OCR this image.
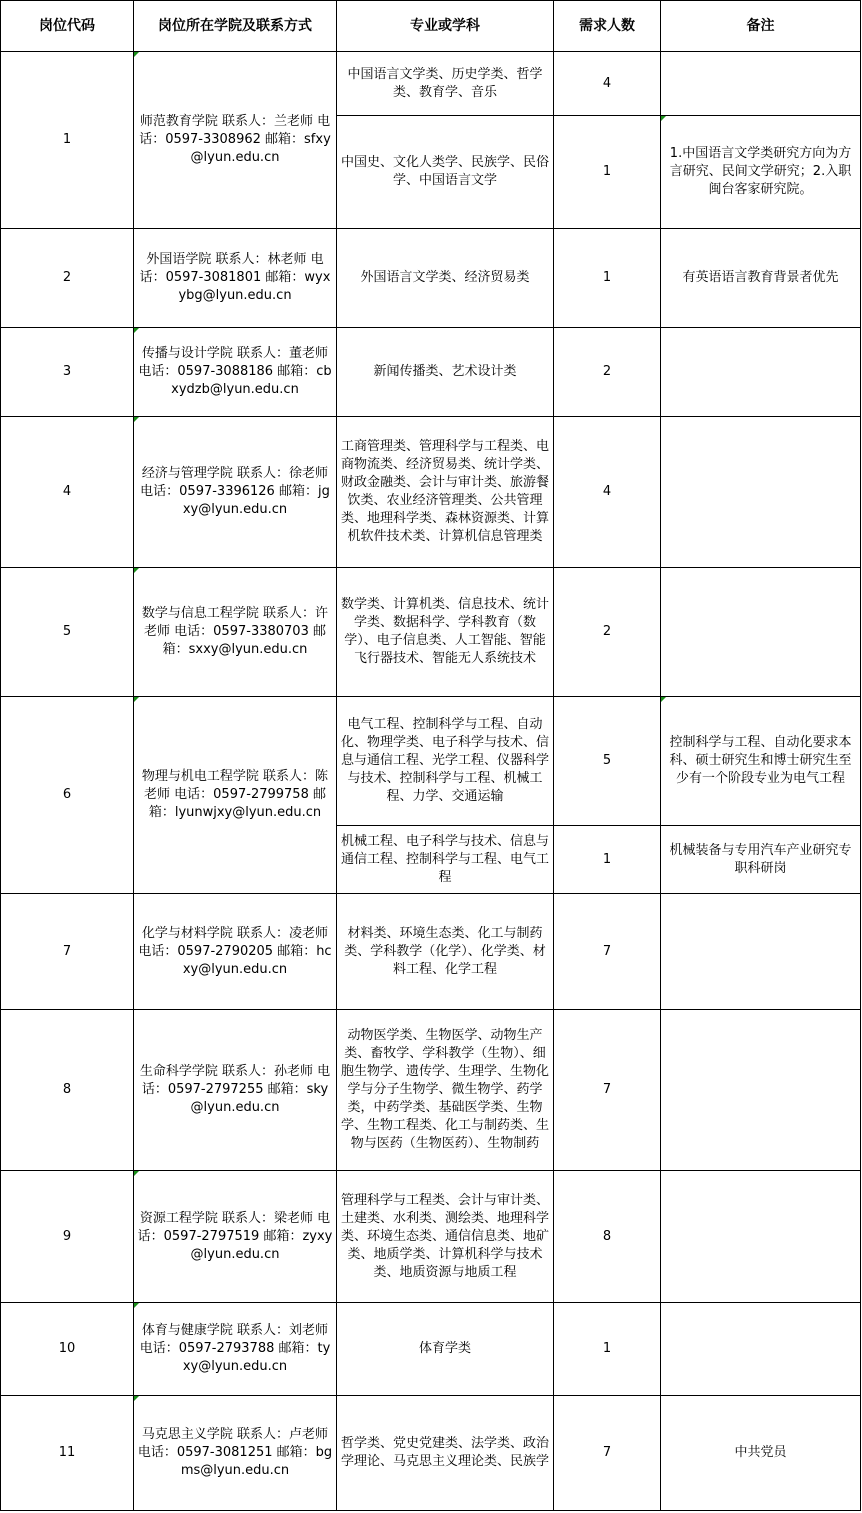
岗位代码	岗位所在学院及联系方式	专业或学科	需求人数	备注
1	师范教育学院 联系人：兰老师 电话：0597-3308962 邮箱：sfxy@lyun.edu.cn	中国语言文学类、历史学类、哲学类、教育学、音乐	4	
		中国史、文化人类学、民族学、民俗学、中国语言文学	1	1.中国语言文学类研究方向为方言研究、民间文学研究；2.入职闽台客家研究院。
2	外国语学院 联系人：林老师 电话：0597-3081801 邮箱：wyxybg@lyun.edu.cn	外国语言文学类、经济贸易类	1	有英语语言教育背景者优先
3	传播与设计学院 联系人：董老师 电话：0597-3088186 邮箱：cbxydzb@lyun.edu.cn	新闻传播类、艺术设计类	2	
4	经济与管理学院 联系人：徐老师 电话：0597-3396126 邮箱：jgxy@lyun.edu.cn	工商管理类、管理科学与工程类、电商物流类、经济贸易类、统计学类、财政金融类、会计与审计类、旅游餐饮类、农业经济管理类、公共管理类、地理科学类、森林资源类、计算机软件技术类、计算机信息管理类	4	
5	数学与信息工程学院 联系人：许老师 电话：0597-3380703 邮箱：sxxy@lyun.edu.cn	数学类、计算机类、信息技术、统计学类、数据科学、学科教育（数学）、电子信息类、人工智能、智能飞行器技术、智能无人系统技术	2	
6	物理与机电工程学院 联系人：陈老师 电话：0597-2799758 邮箱：lyunwjxy@lyun.edu.cn	电气工程、控制科学与工程、自动化、物理学类、电子科学与技术、信息与通信工程、光学工程、仪器科学与技术、控制科学与工程、机械工程、力学、交通运输	5	控制科学与工程、自动化要求本科、硕士研究生和博士研究生至少有一个阶段专业为电气工程
		机械工程、电子科学与技术、信息与通信工程、控制科学与工程、电气工程	1	机械装备与专用汽车产业研究专职科研岗
7	化学与材料学院 联系人：凌老师 电话：0597-2790205 邮箱：hcxy@lyun.edu.cn	材料类、环境生态类、化工与制药类、学科教学（化学）、化学类、材料工程、化学工程	7	
8	生命科学学院 联系人：孙老师 电话：0597-2797255 邮箱：sky@lyun.edu.cn	动物医学类、生物医学、动物生产类、畜牧学、学科教学（生物）、细胞生物学、遗传学、生理学、生物化学与分子生物学、微生物学、药学类，中药学类、基础医学类、生物学、生物工程类、化工与制药类、生物与医药（生物医药）、生物制药	7	
9	资源工程学院 联系人：梁老师 电话：0597-2797519 邮箱：zyxy@lyun.edu.cn	管理科学与工程类、会计与审计类、土建类、水利类、测绘类、地理科学类、环境生态类、通信信息类、地矿类、地质学类、计算机科学与技术类、地质资源与地质工程	8	
10	体育与健康学院 联系人：刘老师 电话：0597-2793788 邮箱：tyxy@lyun.edu.cn	体育学类	1	
11	马克思主义学院 联系人：卢老师 电话：0597-3081251 邮箱：bgms@lyun.edu.cn	哲学类、党史党建类、法学类、政治学理论、马克思主义理论类、民族学	7	中共党员
